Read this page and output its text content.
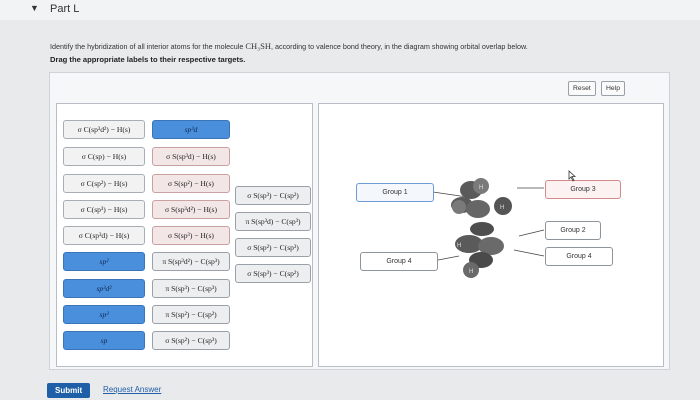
▼ Part L
Identify the hybridization of all interior atoms for the molecule CH₃SH, according to valence bond theory, in the diagram showing orbital overlap below.
Drag the appropriate labels to their respective targets.
Reset	Help
σ C(sp³d²) − H(s)
σ C(sp) − H(s)
σ C(sp²) − H(s)
σ C(sp³) − H(s)
σ C(sp³d) − H(s)
sp²
sp³d²
sp³
sp
sp³d
σ S(sp³d) − H(s)
σ S(sp²) − H(s)
σ S(sp³d²) − H(s)
σ S(sp³) − H(s)
π S(sp³d²) − C(sp³)
π S(sp³) − C(sp³)
π S(sp²) − C(sp²)
σ S(sp²) − C(sp³)
σ S(sp³) − C(sp²)
π S(sp³d) − C(sp³)
σ S(sp²) − C(sp³)
σ S(sp³) − C(sp²)
H
H
H
H
Group 1
Group 4
Group 3
Group 2
Group 4
Submit	Request Answer
